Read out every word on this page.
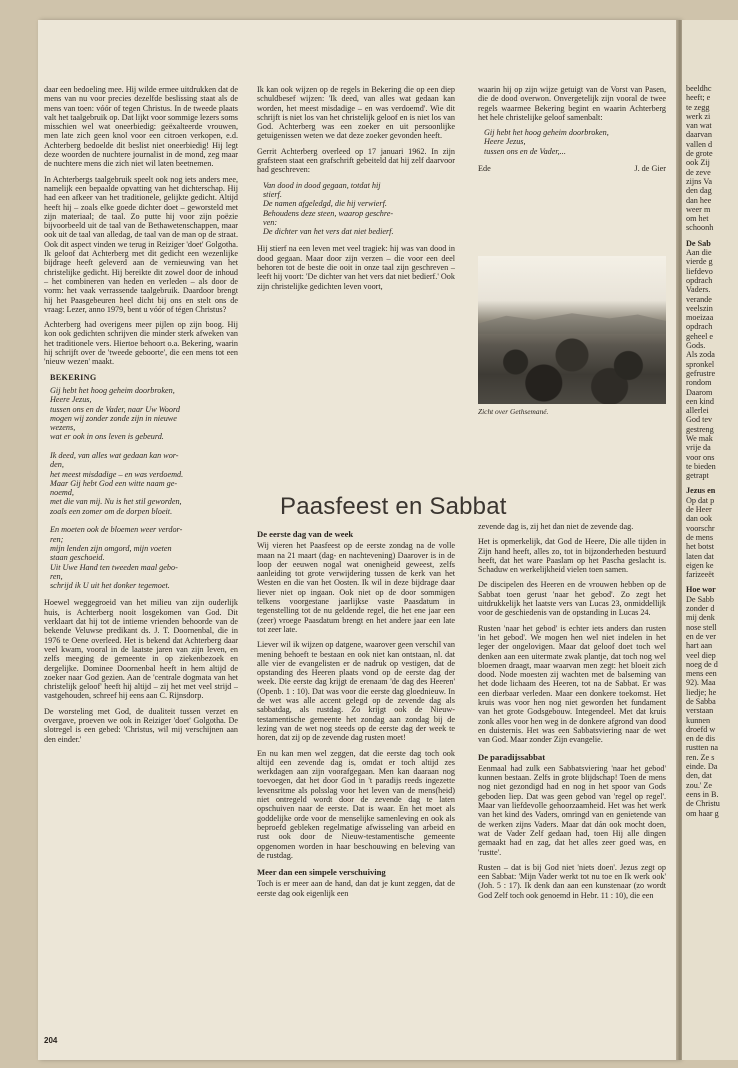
daar een bedoeling mee. Hij wilde ermee uitdrukken dat de mens van nu voor precies dezelfde beslissing staat als de mens van toen: vóór of tegen Christus. In de tweede plaats valt het taalgebruik op. Dat lijkt voor sommige lezers soms misschien wel wat oneerbiedig: geëxalteerde vrouwen, men late zich geen knol voor een citroen verkopen, e.d. Achterberg bedoelde dit beslist niet oneerbiedig! Hij legt deze woorden de nuchtere journalist in de mond, zeg maar de nuchtere mens die zich niet wil laten beetnemen.

In Achterbergs taalgebruik speelt ook nog iets anders mee, namelijk een bepaalde opvatting van het dichterschap. Hij had een afkeer van het traditionele, gelijkte gedicht. Altijd heeft hij – zoals elke goede dichter doet – geworsteld met zijn materiaal; de taal. Zo putte hij voor zijn poëzie bijvoorbeeld uit de taal van de Bethawetenschappen, maar ook uit de taal van alledag, de taal van de man op de straat. Ook dit aspect vinden we terug in Reiziger 'doet' Golgotha. Ik geloof dat Achterberg met dit gedicht een wezenlijke bijdrage heeft geleverd aan de vernieuwing van het christelijke gedicht. Hij bereikte dit zowel door de inhoud – het combineren van heden en verleden – als door de vorm: het vaak verrassende taalgebruik. Daardoor brengt hij het Paasgebeuren heel dicht bij ons en stelt ons de vraag: Lezer, anno 1979, bent u vóór of tégen Christus?

Achterberg had overigens meer pijlen op zijn boog. Hij kon ook gedichten schrijven die minder sterk afweken van het traditionele vers. Hiertoe behoort o.a. Bekering, waarin hij schrijft over de 'tweede geboorte', die een mens tot een 'nieuw wezen' maakt.

BEKERING
Gij hebt het hoog geheim doorbroken,
Heere Jezus,
tussen ons en de Vader, naar Uw Woord
mogen wij zonder zonde zijn in nieuwe
wezens,
wat er ook in ons leven is gebeurd.

Ik deed, van alles wat gedaan kan wor-
den,
het meest misdadige – en was verdoemd.
Maar Gij hebt God een witte naam ge-
noemd,
met die van mij. Nu is het stil geworden,
zoals een zomer om de dorpen bloeit.

En moeten ook de bloemen weer verdor-
ren;
mijn lenden zijn omgord, mijn voeten
staan geschoeid.
Uit Uwe Hand ten tweeden maal gebo-
ren,
schrijd ik U uit het donker tegemoet.

Hoewel weggegroeid van het milieu van zijn ouderlijk huis, is Achterberg nooit losgekomen van God. Dit verklaart dat hij tot de intieme vrienden behoorde van de bekende Veluwse predikant ds. J. T. Doornenbal, die in 1976 te Oene overleed. Het is bekend dat Achterberg daar veel kwam, vooral in de laatste jaren van zijn leven, en zelfs meeging de gemeente in op ziekenbezoek en dergelijke. Dominee Doornenbal heeft in hem altijd de zoeker naar God gezien. Aan de 'centrale dogmata van het christelijk geloof' heeft hij altijd – zij het met veel strijd – vastgehouden, schreef hij eens aan C. Rijnsdorp.

De worsteling met God, de dualiteit tussen verzet en overgave, proeven we ook in Reiziger 'doet' Golgotha. De slotregel is een gebed: 'Christus, wil mij verschijnen aan den einder.'

Ik kan ook wijzen op de regels in Bekering die op een diep schuldbesef wijzen: 'Ik deed, van alles wat gedaan kan worden, het meest misdadige – en was verdoemd'. Wie dit schrijft is niet los van het christelijk geloof en is niet los van God. Achterberg was een zoeker en uit persoonlijke getuigenissen weten we dat deze zoeker gevonden heeft.

Gerrit Achterberg overleed op 17 januari 1962. In zijn grafsteen staat een grafschrift gebeiteld dat hij zelf daarvoor had geschreven:

Van dood in dood gegaan, totdat hij
stierf.
De namen afgeledgd, die hij verwierf.
Behoudens deze steen, waarop geschre-
ven:
De dichter van het vers dat niet bedierf.

Hij stierf na een leven met veel tragiek: hij was van dood in dood gegaan. Maar door zijn verzen – die voor een deel behoren tot de beste die ooit in onze taal zijn geschreven – leeft hij voort: 'De dichter van het vers dat niet bedierf.' Ook zijn christelijke gedichten leven voort,

waarin hij op zijn wijze getuigt van de Vorst van Pasen, die de dood overwon. Onvergetelijk zijn vooral de twee regels waarmee Bekering begint en waarin Achterberg het hele christelijke geloof samenbalt:

Gij hebt het hoog geheim doorbroken,
Heere Jezus,
tussen ons en de Vader,...
Ede	J. de Gier
Zicht over Gethsemané.
Paasfeest en Sabbat
De eerste dag van de week

Wij vieren het Paasfeest op de eerste zondag na de volle maan na 21 maart (dag- en nachtevening) Daarover is in de loop der eeuwen nogal wat onenigheid geweest, zelfs aanleiding tot grote verwijdering tussen de kerk van het Westen en die van het Oosten. Ik wil in deze bijdrage daar liever niet op ingaan. Ook niet op de door sommigen telkens voorgestane jaarlijkse vaste Paasdatum in tegenstelling tot de nu geldende regel, die het ene jaar een (zeer) vroege Paasdatum brengt en het andere jaar een late tot zeer late.

Liever wil ik wijzen op datgene, waarover geen verschil van mening behoeft te bestaan en ook niet kan ontstaan, nl. dat alle vier de evangelisten er de nadruk op vestigen, dat de opstanding des Heeren plaats vond op de eerste dag der week. Die eerste dag krijgt de erenaam 'de dag des Heeren' (Openb. 1 : 10). Dat was voor die eerste dag gloednieuw. In de wet was alle accent gelegd op de zevende dag als sabbatdag, als rustdag. Zo krijgt ook de Nieuw-testamentische gemeente het zondag aan zondag bij de lezing van de wet nog steeds op de eerste dag der week te horen, dat zij op de zevende dag rusten moet!

En nu kan men wel zeggen, dat die eerste dag toch ook altijd een zevende dag is, omdat er toch altijd zes werkdagen aan zijn voorafgegaan. Men kan daaraan nog toevoegen, dat het door God in 't paradijs reeds ingezette levensritme als polsslag voor het leven van de mens(heid) niet ontregeld wordt door de zevende dag te laten opschuiven naar de eerste. Dat is waar. En het moet als goddelijke orde voor de menselijke samenleving en ook als beproefd gebleken regelmatige afwisseling van arbeid en rust ook door de Nieuw-testamentische gemeente opgenomen worden in haar beschouwing en beleving van de rustdag.

Meer dan een simpele verschuiving

Toch is er meer aan de hand, dan dat je kunt zeggen, dat de eerste dag ook eigenlijk een

zevende dag is, zij het dan niet de zevende dag.

Het is opmerkelijk, dat God de Heere, Die alle tijden in Zijn hand heeft, alles zo, tot in bijzonderheden bestuurd heeft, dat het ware Paaslam op het Pascha geslacht is. Schaduw en werkelijkheid vielen toen samen.

De discipelen des Heeren en de vrouwen hebben op de Sabbat toen gerust 'naar het gebod'. Zo zegt het uitdrukkelijk het laatste vers van Lucas 23, onmiddellijk voor de geschiedenis van de opstanding in Lucas 24.

Rusten 'naar het gebod' is echter iets anders dan rusten 'in het gebod'. We mogen hen wel niet indelen in het leger der ongelovigen. Maar dat geloof doet toch wel denken aan een uitermate zwak plantje, dat toch nog wel bloemen draagt, maar waarvan men zegt: het bloeit zich dood. Node moesten zij wachten met de balseming van het dode lichaam des Heeren, tot na de Sabbat. Er was een dierbaar verleden. Maar een donkere toekomst. Het kruis was voor hen nog niet geworden het fundament van het grote Godsgebouw. Integendeel. Met dat kruis zonk alles voor hen weg in de donkere afgrond van dood en duisternis. Het was een Sabbatsviering naar de wet van God. Maar zonder Zijn evangelie.

De paradijssabbat

Eenmaal had zulk een Sabbatsviering 'naar het gebod' kunnen bestaan. Zelfs in grote blijdschap! Toen de mens nog niet gezondigd had en nog in het spoor van Gods geboden liep. Dat was geen gebod van 'regel op regel'. Maar van liefdevolle gehoorzaamheid. Het was het werk van het kind des Vaders, omringd van en genietende van de werken zijns Vaders. Maar dat dán ook mocht doen, wat de Vader Zelf gedaan had, toen Hij alle dingen gemaakt had en zag, dat het alles zeer goed was, en 'rustte'.

Rusten – dat is bij God niet 'niets doen'. Jezus zegt op een Sabbat: 'Mijn Vader werkt tot nu toe en Ik werk ook' (Joh. 5 : 17). Ik denk dan aan een kunstenaar (zo wordt God Zelf toch ook genoemd in Hebr. 11 : 10), die een

204
beeldhc
heeft; e
te zegg
werk zi
van wat
daarvan
vallen d
de grote
ook Zij
de zeve
zijns Va
den dag
dan hee
weer m
om het
schoonh
De Sab
Aan die
vierde g
liefdevo
opdrach
Vaders.
verande
veelszin
moeizaa
opdrach
geheel e
Gods.
Als zoda
spronkel
gefrustre
rondom
Daarom
een kind
allerlei
God tev
gestreng
We mak
vrije da
voor ons
te bieden
getrapt
Jezus en
Op dat p
de Heer
dan ook
voorschr
de mens
het botst
laten dat
eigen ke
farizeeët
Hoe wor
De Sabb
zonder d
mij denk
nose stell
en de ver
hart aan
veel diep
noeg de d
mens een
92). Maa
liedje; he
de Sabba
verstaan
kunnen
droefd w
en de dis
rustten na
ren. Ze s
einde. Da
den, dat
zou.' Ze
eens in B.
de Christu
om haar g
